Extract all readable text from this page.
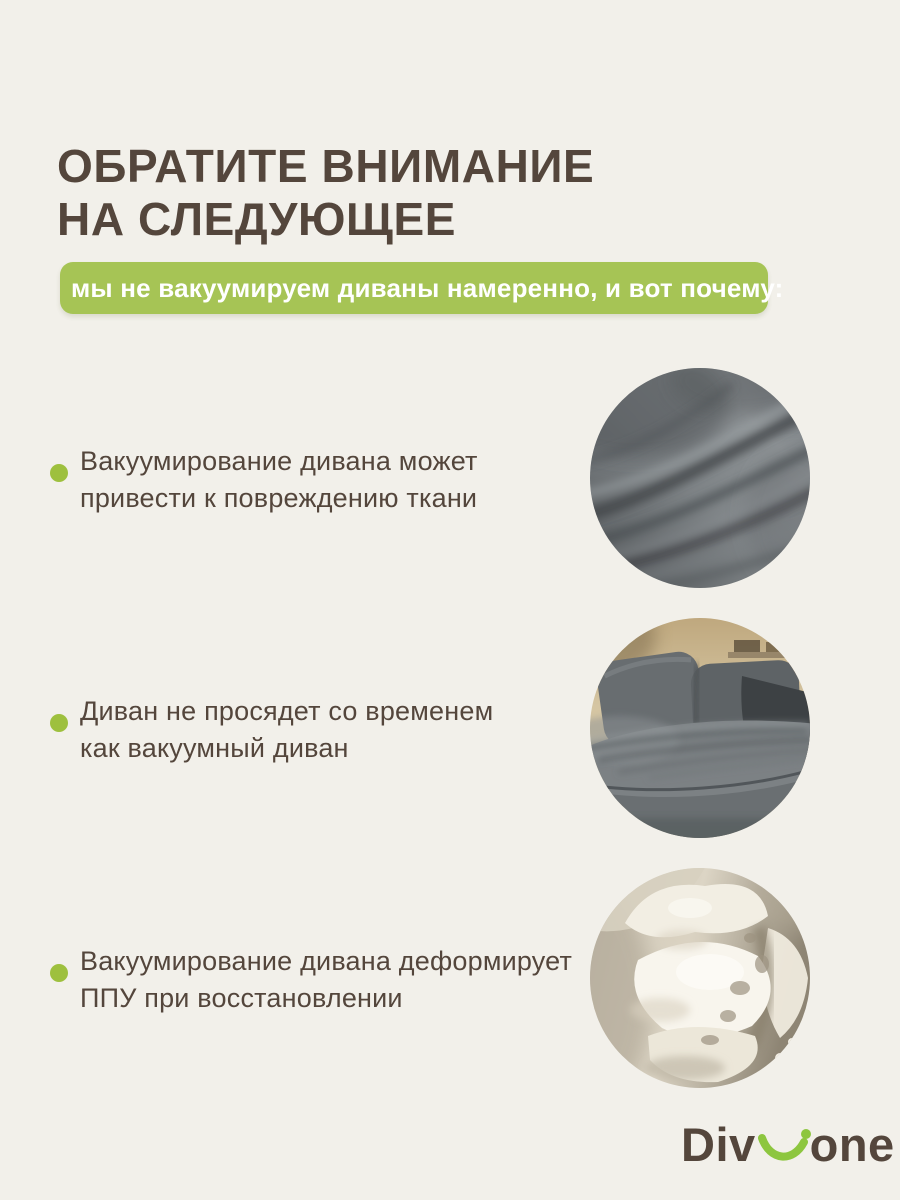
ОБРАТИТЕ ВНИМАНИЕ
НА СЛЕДУЮЩЕЕ
мы не вакуумируем диваны намеренно, и вот почему:

Вакуумирование дивана может
привести к повреждению ткани

Диван не просядет со временем
как вакуумный диван

Вакуумирование дивана деформирует
ППУ при восстановлении

Div one
